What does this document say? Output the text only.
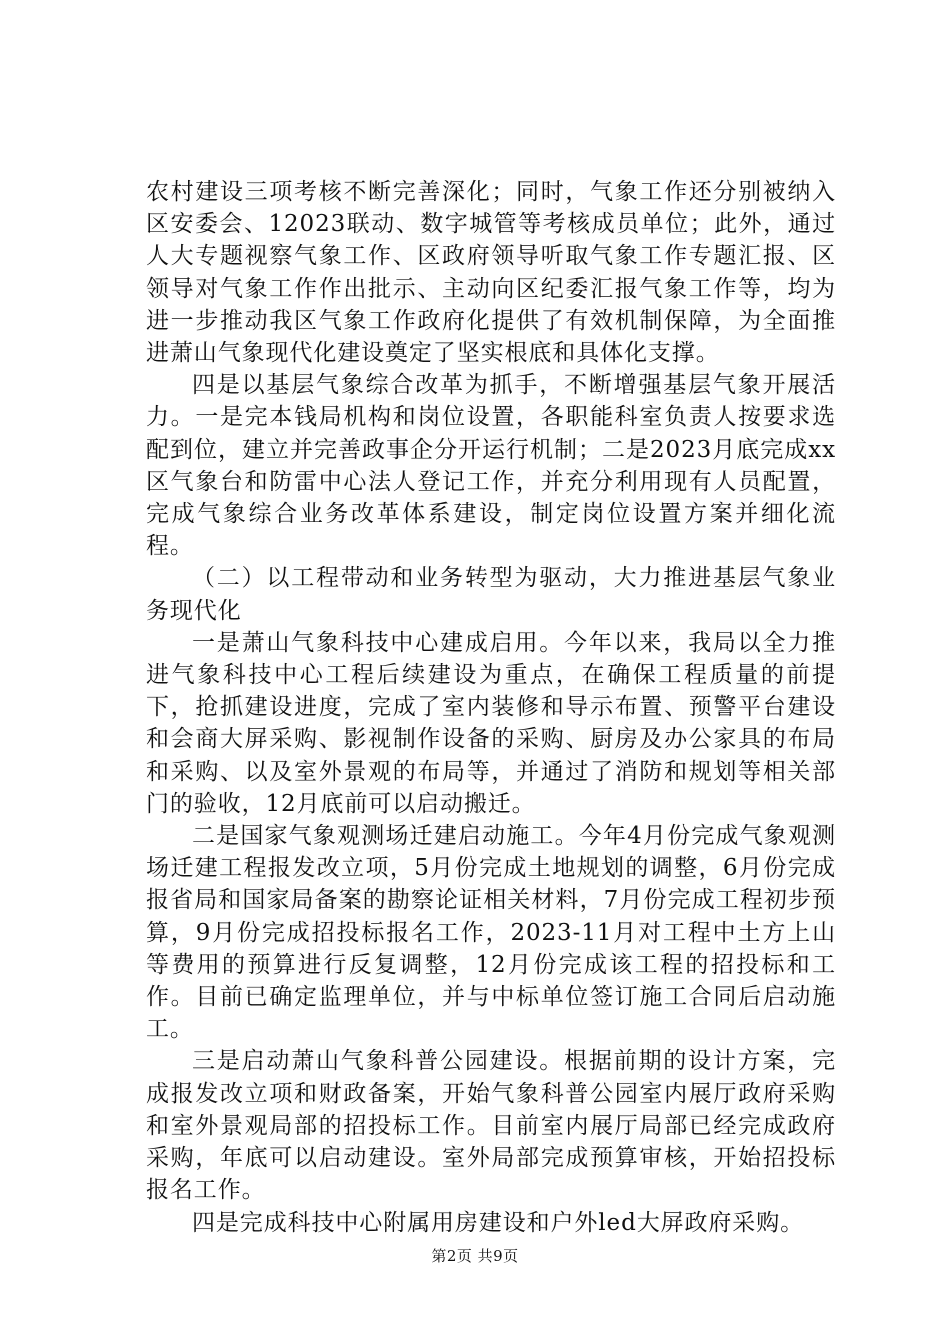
农村建设三项考核不断完善深化；同时，气象工作还分别被纳入区安委会、12023联动、数字城管等考核成员单位；此外，通过人大专题视察气象工作、区政府领导听取气象工作专题汇报、区领导对气象工作作出批示、主动向区纪委汇报气象工作等，均为进一步推动我区气象工作政府化提供了有效机制保障，为全面推进萧山气象现代化建设奠定了坚实根底和具体化支撑。

四是以基层气象综合改革为抓手，不断增强基层气象开展活力。一是完本钱局机构和岗位设置，各职能科室负责人按要求选配到位，建立并完善政事企分开运行机制；二是2023月底完成xx区气象台和防雷中心法人登记工作，并充分利用现有人员配置，完成气象综合业务改革体系建设，制定岗位设置方案并细化流程。

（二）以工程带动和业务转型为驱动，大力推进基层气象业务现代化

一是萧山气象科技中心建成启用。今年以来，我局以全力推进气象科技中心工程后续建设为重点，在确保工程质量的前提下，抢抓建设进度，完成了室内装修和导示布置、预警平台建设和会商大屏采购、影视制作设备的采购、厨房及办公家具的布局和采购、以及室外景观的布局等，并通过了消防和规划等相关部门的验收，12月底前可以启动搬迁。

二是国家气象观测场迁建启动施工。今年4月份完成气象观测场迁建工程报发改立项，5月份完成土地规划的调整，6月份完成报省局和国家局备案的勘察论证相关材料，7月份完成工程初步预算，9月份完成招投标报名工作，2023-11月对工程中土方上山等费用的预算进行反复调整，12月份完成该工程的招投标和工作。目前已确定监理单位，并与中标单位签订施工合同后启动施工。

三是启动萧山气象科普公园建设。根据前期的设计方案，完成报发改立项和财政备案，开始气象科普公园室内展厅政府采购和室外景观局部的招投标工作。目前室内展厅局部已经完成政府采购，年底可以启动建设。室外局部完成预算审核，开始招投标报名工作。

四是完成科技中心附属用房建设和户外led大屏政府采购。

第2页 共9页
